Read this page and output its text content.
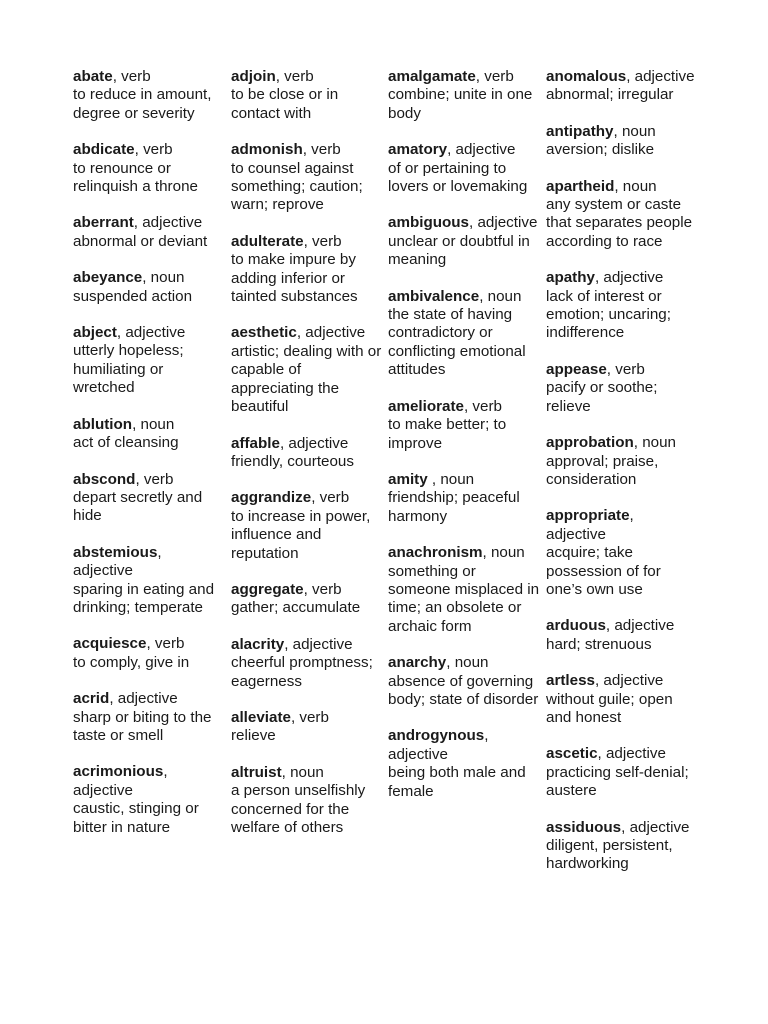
abate, verb
to reduce in amount, degree or severity
abdicate, verb
to renounce or relinquish a throne
aberrant, adjective
abnormal or deviant
abeyance, noun
suspended action
abject, adjective
utterly hopeless; humiliating or wretched
ablution, noun
act of cleansing
abscond, verb
depart secretly and hide
abstemious, adjective
sparing in eating and drinking; temperate
acquiesce, verb
to comply, give in
acrid, adjective
sharp or biting to the taste or smell
acrimonious, adjective
caustic, stinging or bitter in nature
adjoin, verb
to be close or in contact with
admonish, verb
to counsel against something; caution; warn; reprove
adulterate, verb
to make impure by adding inferior or tainted substances
aesthetic, adjective
artistic; dealing with or capable of appreciating the beautiful
affable, adjective
friendly, courteous
aggrandize, verb
to increase in power, influence and reputation
aggregate, verb
gather; accumulate
alacrity, adjective
cheerful promptness; eagerness
alleviate, verb
relieve
altruist, noun
a person unselfishly concerned for the welfare of others
amalgamate, verb
combine; unite in one body
amatory, adjective
of or pertaining to lovers or lovemaking
ambiguous, adjective
unclear or doubtful in meaning
ambivalence, noun
the state of having contradictory or conflicting emotional attitudes
ameliorate, verb
to make better; to improve
amity , noun
friendship; peaceful harmony
anachronism, noun
something or someone misplaced in time; an obsolete or archaic form
anarchy, noun
absence of governing body; state of disorder
androgynous, adjective
being both male and female
anomalous, adjective
abnormal; irregular
antipathy, noun
aversion; dislike
apartheid, noun
any system or caste that separates people according to race
apathy, adjective
lack of interest or emotion; uncaring; indifference
appease, verb
pacify or soothe; relieve
approbation, noun
approval; praise, consideration
appropriate, adjective
acquire; take possession of for one’s own use
arduous, adjective
hard; strenuous
artless, adjective
without guile; open and honest
ascetic, adjective
practicing self-denial; austere
assiduous, adjective
diligent, persistent, hardworking
